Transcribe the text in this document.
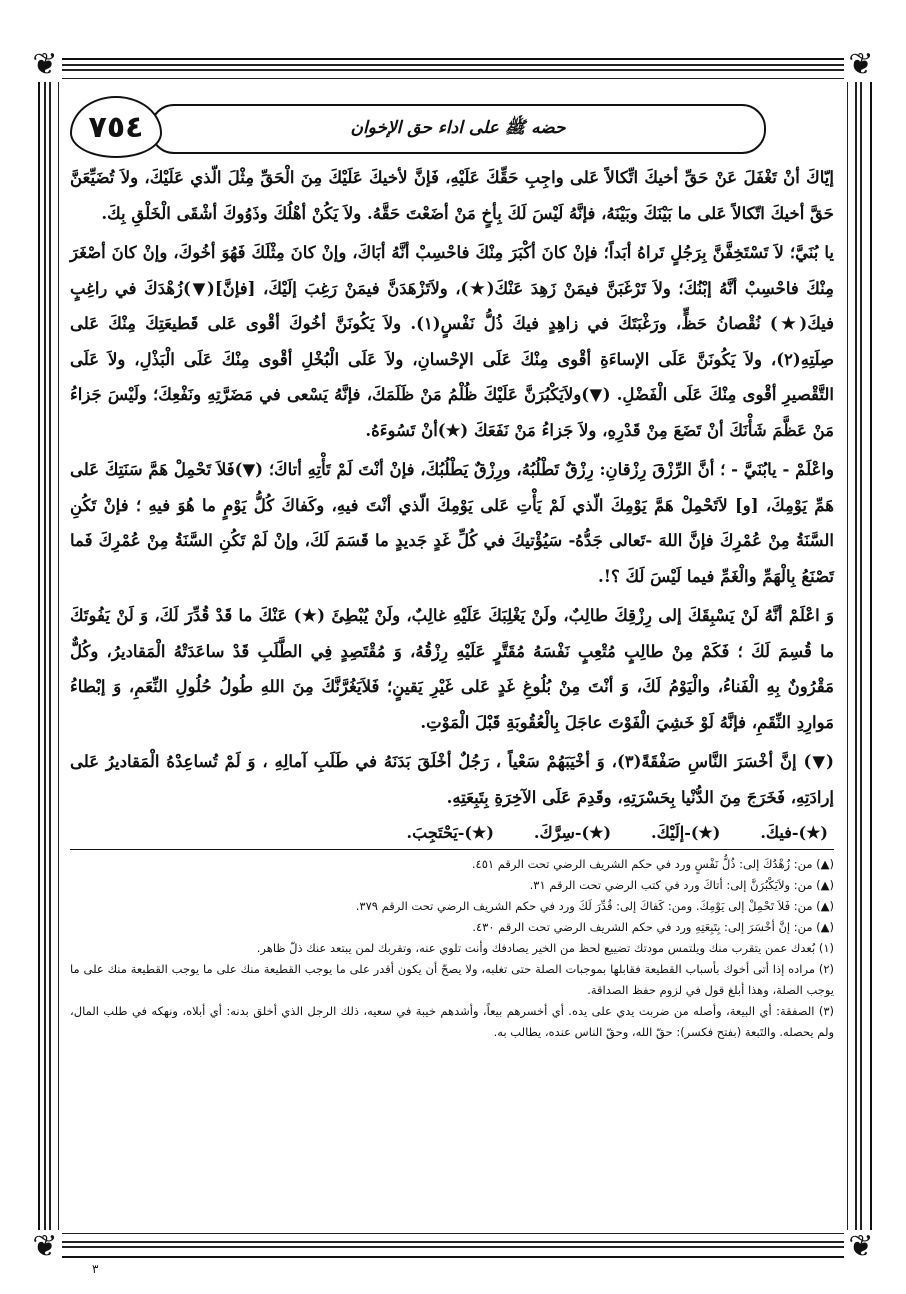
❦	❦
❦	❦
حضه ﷺ على اداء حق الإخوان
٧٥٤

إيّاكَ أنْ تَغْفَلَ عَنْ حَقِّ أخيكَ اتِّكالاً عَلى واجِبِ حَقِّكَ عَلَيْهِ، فَإنَّ لأخيكَ عَلَيْكَ مِنَ الْحَقِّ مِثْلَ الّذي عَلَيْكَ، ولاَ تُضَيِّعَنَّ حَقَّ أخيكَ اتّكالاً عَلى ما بَيْنَكَ وبَيْنَهُ، فإنَّهُ لَيْسَ لَكَ بِأخٍ مَنْ أضَعْتَ حَقَّهُ. ولاَ يَكُنْ أهْلُكَ وذَوُوكَ أشْقَى الْخَلْقِ بِكَ.

يا بُنَيَّ؛ لاَ تَسْتَخِفَّنَّ بِرَجُلٍ تَراهُ أبَداً؛ فإنْ كانَ أكْبَرَ مِنْكَ فاحْسِبْ أنَّهُ أبَاكَ، وإنْ كانَ مِثْلَكَ فَهُوَ أخُوكَ، وإنْ كانَ أصْغَرَ مِنْكَ فاحْسِبْ أنَّهُ إبْنُكَ؛ ولاَ تَرْغَبَنَّ فيمَنْ زَهِدَ عَنْكَ(★)، ولاَتَزْهَدَنَّ فيمَنْ رَغِبَ إلَيْكَ، [فإنَّ](▼)زُهْدَكَ في راغِبٍ فيكَ(★) نُقْصانُ حَظٍّ، ورَغْبَتَكَ في زاهِدٍ فيكَ ذُلُّ نَفْسٍ(١). ولاَ يَكُونَنَّ أخُوكَ أقْوى عَلى قَطيعَتِكَ مِنْكَ عَلى صِلَتِهِ(٢)، ولاَ يَكُونَنَّ عَلَى الإساءَةِ أقْوى مِنْكَ عَلَى الإحْسانِ، ولاَ عَلَى الْبُخْلِ أقْوى مِنْكَ عَلَى الْبَذْلِ، ولاَ عَلَى التَّقْصيرِ أقْوى مِنْكَ عَلَى الْفَضْلِ. (▼)ولاَيَكْبُرَنَّ عَلَيْكَ ظُلْمُ مَنْ ظَلَمَكَ، فإنَّهُ يَسْعى في مَضَرَّتِهِ ونَفْعِكَ؛ ولَيْسَ جَزاءُ مَنْ عَظَّمَ شَأْنَكَ أنْ تَضَعَ مِنْ قَدْرِهِ، ولاَ جَزاءُ مَنْ نَفَعَكَ (★)أنْ تَسُوءَهُ.

واعْلَمْ - يابُنَيَّ - ؛ أنَّ الرِّزْقَ رِزْقانِ: رِزْقٌ تَطْلُبُهُ، ورِزْقٌ يَطْلُبُكَ، فإنْ أنْتَ لَمْ تَأْتِهِ أتاكَ؛ (▼)فَلاَ تَحْمِلْ هَمَّ سَنَتِكَ عَلى هَمِّ يَوْمِكَ، [و] لاَتَحْمِلْ هَمَّ يَوْمِكَ الّذي لَمْ يَأْتِ عَلى يَوْمِكَ الّذي أنْتَ فيهِ، وكَفاكَ كُلُّ يَوْمٍ ما هُوَ فيهِ ؛ فإنْ تَكُنِ السَّنَةُ مِنْ عُمْرِكَ فإنَّ اللهَ -تَعالى جَدُّهُ- سَيُؤْتيكَ في كُلِّ غَدٍ جَديدٍ ما قَسَمَ لَكَ، وإنْ لَمْ تَكُنِ السَّنَةُ مِنْ عُمْرِكَ فَما تَصْنَعُ بِالْهَمِّ والْغَمِّ فيما لَيْسَ لَكَ ؟!.

وَ اعْلَمْ أنَّهُ لَنْ يَسْبِقَكَ إلى رِزْقِكَ طالِبٌ، ولَنْ يَغْلِبَكَ عَلَيْهِ غالِبٌ، ولَنْ يُبْطِئَ (★) عَنْكَ ما قَدْ قُدِّرَ لَكَ، وَ لَنْ يَفُوتَكَ ما قُسِمَ لَكَ ؛ فَكَمْ مِنْ طالِبٍ مُتْعِبٍ نَفْسَهُ مُقَتَّرٍ عَلَيْهِ رِزْقُهُ، وَ مُقْتَصِدٍ فِي الطَّلَبِ قَدْ ساعَدَتْهُ الْمَقاديرُ، وكُلٌّ مَقْرُونٌ بِهِ الْفَناءُ، والْيَوْمُ لَكَ، وَ أنْتَ مِنْ بُلُوغِ غَدٍ عَلى غَيْرِ يَقينٍ؛ فَلاَيَغُرَّنَّكَ مِنَ اللهِ طُولُ حُلُولِ النِّعَمِ، وَ إبْطاءُ مَوارِدِ النِّقَمِ، فإنَّهُ لَوْ خَشِيَ الْفَوْتَ عاجَلَ بِالْعُقُوبَةِ قَبْلَ الْمَوْتِ.

(▼) إنَّ أخْسَرَ النَّاسِ صَفْقَةً(٣)، وَ أخْيَبَهُمْ سَعْياً ، رَجُلٌ أخْلَقَ بَدَنَهُ في طَلَبِ آمالِهِ ، وَ لَمْ تُساعِدْهُ الْمَقاديرُ عَلى إرادَتِهِ، فَخَرَجَ مِنَ الدُّنْيا بِحَسْرَتِهِ، وقَدِمَ عَلَى الآخِرَةِ بِتَبِعَتِهِ.

(★)-فيكَ.
(★)-إلَيْكَ.
(★)-سِرَّكَ.
(★)-يَحْتَجِبَ.
(▲) من: زُهْدُكَ إلى: ذُلُّ نَفْسٍ ورد في حكم الشريف الرضي تحت الرقم ٤٥١.
(▲) من: ولاَيَكْبُرَنَّ إلى: أتاكَ ورد في كتب الرضي تحت الرقم ٣١.
(▲) من: فَلاَ تَحْمِلْ إلى يَوْمِكَ. ومن: كَفاكَ إلى: قُدِّرَ لَكَ ورد في حكم الشريف الرضي تحت الرقم ٣٧٩.
(▲) من: إنَّ أخْسَرَ إلى: بِتَبِعَتِهِ ورد في حكم الشريف الرضي تحت الرقم ٤٣٠.
(١) بُعدك عمن يتقرب منك ويلتمس مودتك تضييع لحظ من الخير يصادفك وأنت تلوي عنه، وتقربك لمن يبتعد عنك ذلّ ظاهر.
(٢) مراده إذا أتى أخوك بأسباب القطيعة فقابلها بموجبات الصلة حتى تغلبه، ولا يصحّ أن يكون أقدر على ما يوجب القطيعة منك على ما يوجب القطيعة منك على ما يوجب الصلة، وهذا أبلغ قول في لزوم حفظ الصداقة.
(٣) الصفقة: أي البيعة، وأصله من ضربت يدي على يده. أي أخسرهم بيعاً، وأشدهم خيبة في سعيه، ذلك الرجل الذي أخلق بدنه: أي أبلاه، ونهكه في طلب المال، ولم يحصله. والتَبعة (بفتح فكسر): حقّ الله، وحقّ الناس عنده، يطالب به.
٣
